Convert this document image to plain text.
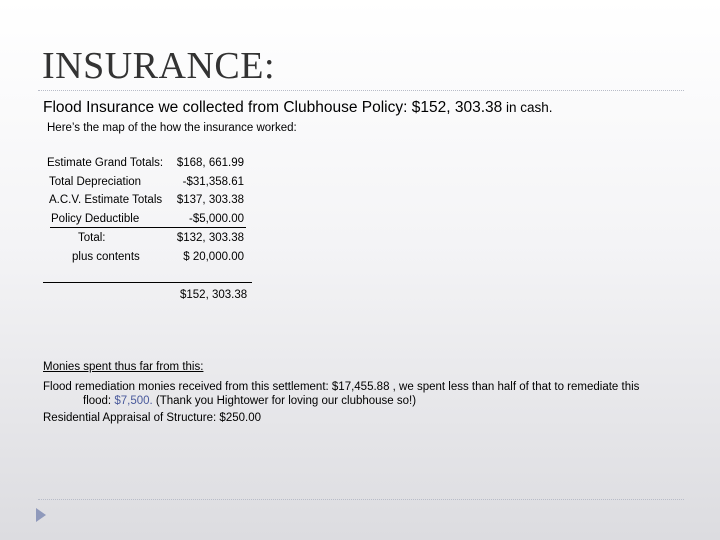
INSURANCE:
Flood Insurance we collected from Clubhouse Policy: $152, 303.38 in cash.
Here’s the map of the how the insurance worked:
Estimate Grand Totals:	$168, 661.99
Total Depreciation	-$31,358.61
A.C.V. Estimate Totals	$137, 303.38
Policy Deductible	-$5,000.00
Total:	$132, 303.38
plus contents	$ 20,000.00
$152, 303.38
Monies spent thus far from this:
Flood remediation monies received from this settlement: $17,455.88 , we spent less than half of that to remediate this
flood: $7,500. (Thank you Hightower for loving our clubhouse so!)
Residential Appraisal of Structure: $250.00
